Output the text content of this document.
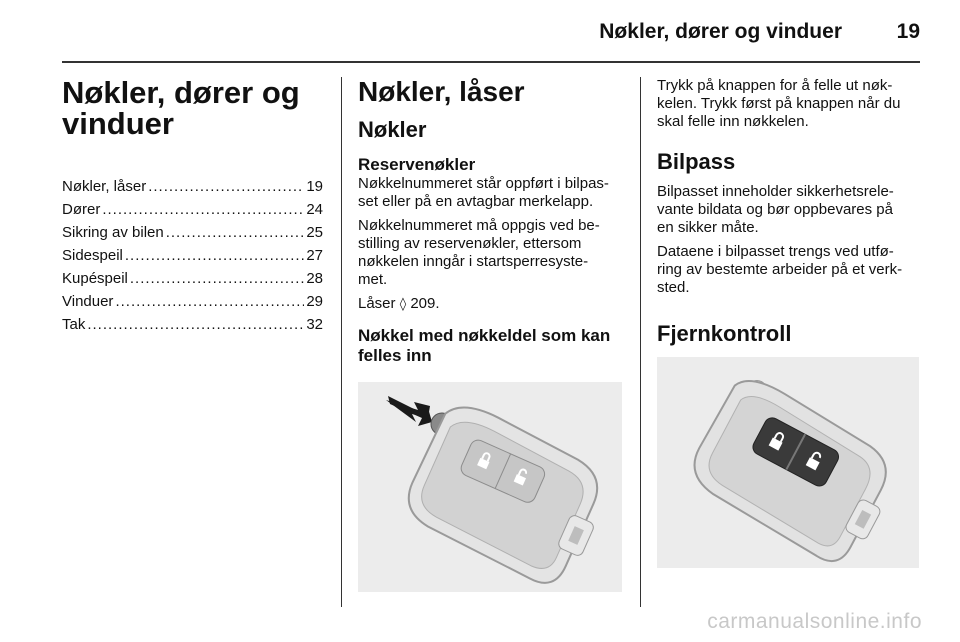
Nøkler, dører og vinduer	19
Nøkler, dører og
vinduer
Nøkler, låser .....	19
Dører .....	24
Sikring av bilen .....	25
Sidespeil .....	27
Kupéspeil .....	28
Vinduer .....	29
Tak .....	32
Nøkler, låser
Nøkler
Reservenøkler
Nøkkelnummeret står oppført i bilpas-
set eller på en avtagbar merkelapp.
Nøkkelnummeret må oppgis ved be-
stilling av reservenøkler, ettersom
nøkkelen inngår i startsperresyste-
met.
Låser ◊ 209.
Nøkkel med nøkkeldel som kan
felles inn
Trykk på knappen for å felle ut nøk-
kelen. Trykk først på knappen når du
skal felle inn nøkkelen.
Bilpass
Bilpasset inneholder sikkerhetsrele-
vante bildata og bør oppbevares på
en sikker måte.
Dataene i bilpasset trengs ved utfø-
ring av bestemte arbeider på et verk-
sted.
Fjernkontroll
carmanualsonline.info
